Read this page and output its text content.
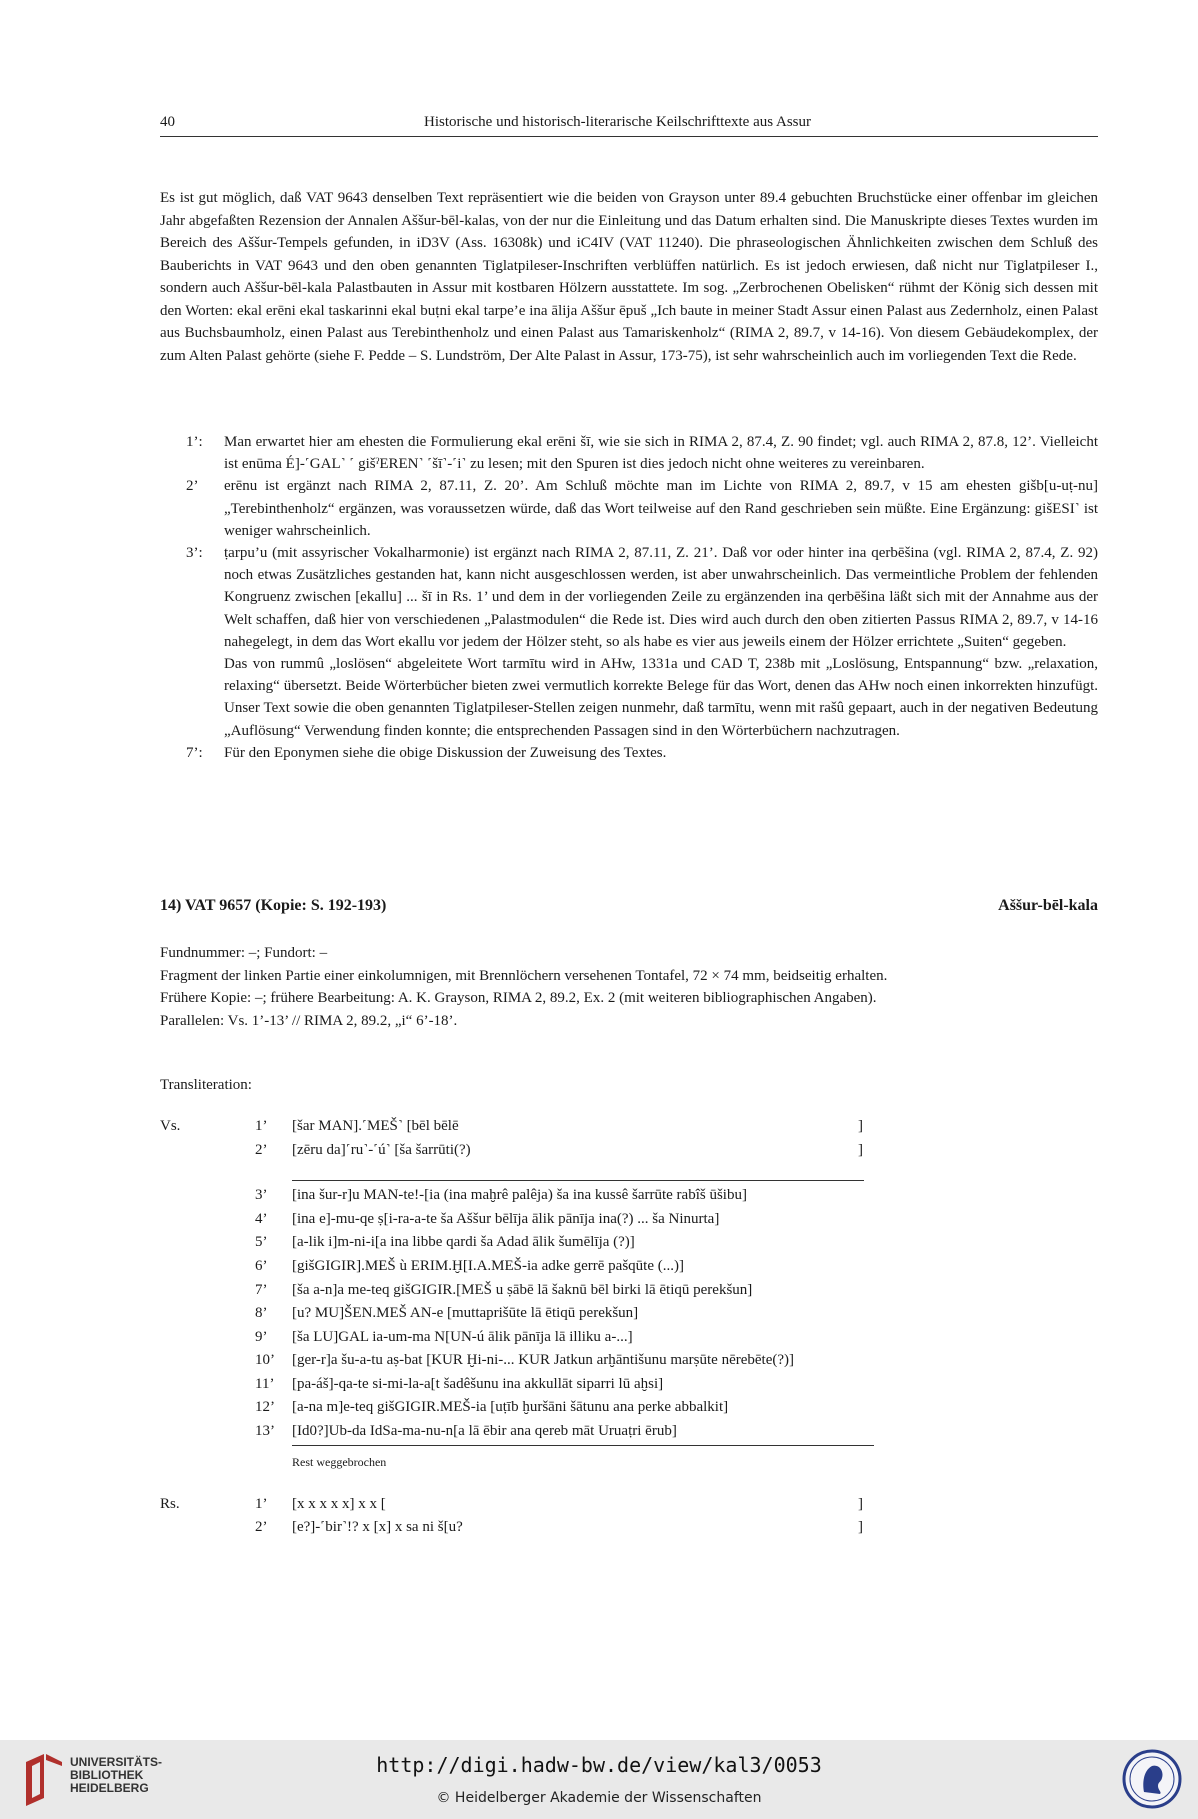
40	Historische und historisch-literarische Keilschrifttexte aus Assur

Es ist gut möglich, daß VAT 9643 denselben Text repräsentiert wie die beiden von Grayson unter 89.4 gebuchten Bruchstücke einer offenbar im gleichen Jahr abgefaßten Rezension der Annalen Aššur-bēl-kalas, von der nur die Einleitung und das Datum erhalten sind. Die Manuskripte dieses Textes wurden im Bereich des Aššur-Tempels gefunden, in iD3V (Ass. 16308k) und iC4IV (VAT 11240). Die phraseologischen Ähnlichkeiten zwischen dem Schluß des Bauberichts in VAT 9643 und den oben genannten Tiglatpileser-Inschriften verblüffen natürlich. Es ist jedoch erwiesen, daß nicht nur Tiglatpileser I., sondern auch Aššur-bēl-kala Palastbauten in Assur mit kostbaren Hölzern ausstattete. Im sog. „Zerbrochenen Obelisken“ rühmt der König sich dessen mit den Worten: ekal erēni ekal taskarinni ekal buṭni ekal tarpe’e ina ālija Aššur ēpuš „Ich baute in meiner Stadt Assur einen Palast aus Zedernholz, einen Palast aus Buchsbaumholz, einen Palast aus Terebinthenholz und einen Palast aus Tamariskenholz“ (RIMA 2, 89.7, v 14-16). Von diesem Gebäudekomplex, der zum Alten Palast gehörte (siehe F. Pedde – S. Lundström, Der Alte Palast in Assur, 173-75), ist sehr wahrscheinlich auch im vorliegenden Text die Rede.

1’:	Man erwartet hier am ehesten die Formulierung ekal erēni šī, wie sie sich in RIMA 2, 87.4, Z. 90 findet; vgl. auch RIMA 2, 87.8, 12’. Vielleicht ist enūma É]-˹GAL˺ ˹ gišˀEREN˺ ˹šī˺-˹i˺ zu lesen; mit den Spuren ist dies jedoch nicht ohne weiteres zu vereinbaren.
2’	erēnu ist ergänzt nach RIMA 2, 87.11, Z. 20’. Am Schluß möchte man im Lichte von RIMA 2, 89.7, v 15 am ehesten gišb[u-uṭ-nu] „Terebinthenholz“ ergänzen, was voraussetzen würde, daß das Wort teilweise auf den Rand geschrieben sein müßte. Eine Ergänzung: gišESI˺ ist weniger wahrscheinlich.
3’:	ṭarpu’u (mit assyrischer Vokalharmonie) ist ergänzt nach RIMA 2, 87.11, Z. 21’. Daß vor oder hinter ina qerbēšina (vgl. RIMA 2, 87.4, Z. 92) noch etwas Zusätzliches gestanden hat, kann nicht ausgeschlossen werden, ist aber unwahrscheinlich. Das vermeintliche Problem der fehlenden Kongruenz zwischen [ekallu] ... šī in Rs. 1’ und dem in der vorliegenden Zeile zu ergänzenden ina qerbēšina läßt sich mit der Annahme aus der Welt schaffen, daß hier von verschiedenen „Palastmodulen“ die Rede ist. Dies wird auch durch den oben zitierten Passus RIMA 2, 89.7, v 14-16 nahegelegt, in dem das Wort ekallu vor jedem der Hölzer steht, so als habe es vier aus jeweils einem der Hölzer errichtete „Suiten“ gegeben.
Das von rummû „loslösen“ abgeleitete Wort tarmītu wird in AHw, 1331a und CAD T, 238b mit „Loslösung, Entspannung“ bzw. „relaxation, relaxing“ übersetzt. Beide Wörterbücher bieten zwei vermutlich korrekte Belege für das Wort, denen das AHw noch einen inkorrekten hinzufügt. Unser Text sowie die oben genannten Tiglatpileser-Stellen zeigen nunmehr, daß tarmītu, wenn mit rašû gepaart, auch in der negativen Bedeutung „Auflösung“ Verwendung finden konnte; die entsprechenden Passagen sind in den Wörterbüchern nachzutragen.
7’:	Für den Eponymen siehe die obige Diskussion der Zuweisung des Textes.
14) VAT 9657 (Kopie: S. 192-193)	Aššur-bēl-kala
Fundnummer: –; Fundort: –
Fragment der linken Partie einer einkolumnigen, mit Brennlöchern versehenen Tontafel, 72 × 74 mm, beidseitig erhalten.
Frühere Kopie: –; frühere Bearbeitung: A. K. Grayson, RIMA 2, 89.2, Ex. 2 (mit weiteren bibliographischen Angaben).
Parallelen: Vs. 1’-13’ // RIMA 2, 89.2, „i“ 6’-18’.
Transliteration:
Vs.	1’ [šar MAN].˹MEŠ˺ [bēl bēlē	]
2’ [zēru da]˹ru˺-˹ú˺ [ša šarrūti(?)	]
3’ [ina šur-r]u MAN-te!-[ia (ina maḫrê palêja) ša ina kussê šarrūte rabîš ūšibu]
4’ [ina e]-mu-qe ṣ[i-ra-a-te ša Aššur bēlīja ālik pānīja ina(?) ... ša Ninurta]
5’ [a-lik i]m-ni-i[a ina libbe qardi ša Adad ālik šumēlīja (?)]
6’ [gišGIGIR].MEŠ ù ERIM.Ḫ[I.A.MEŠ-ia adke gerrē pašqūte (...)]
7’ [ša a-n]a me-teq gišGIGIR.[MEŠ u ṣābē lā šaknū bēl birki lā ētiqū perekšun]
8’ [u? MU]ŠEN.MEŠ AN-e [muttaprišūte lā ētiqū perekšun]
9’ [ša LU]GAL ia-um-ma N[UN-ú ālik pānīja lā illiku a-...]
10’ [ger-r]a šu-a-tu aṣ-bat [KUR Ḫi-ni-... KUR Jatkun arḫāntišunu marṣūte nērebēte(?)]
11’ [pa-áš]-qa-te si-mi-la-a[t šadêšunu ina akkullāt siparri lū aḫsi]
12’ [a-na m]e-teq gišGIGIR.MEŠ-ia [uṭīb ḫuršāni šātunu ana perke abbalkit]
13’ [Id0?]Ub-da IdSa-ma-nu-n[a lā ēbir ana qereb māt Uruaṭri ērub]
Rest weggebrochen
Rs.	1’ [x x x x x] x x [	]
2’ [e?]-˹bir˺!? x [x] x sa ni š[u?	]
UNIVERSITÄTS-
BIBLIOTHEK
HEIDELBERG
http://digi.hadw-bw.de/view/kal3/0053
© Heidelberger Akademie der Wissenschaften
